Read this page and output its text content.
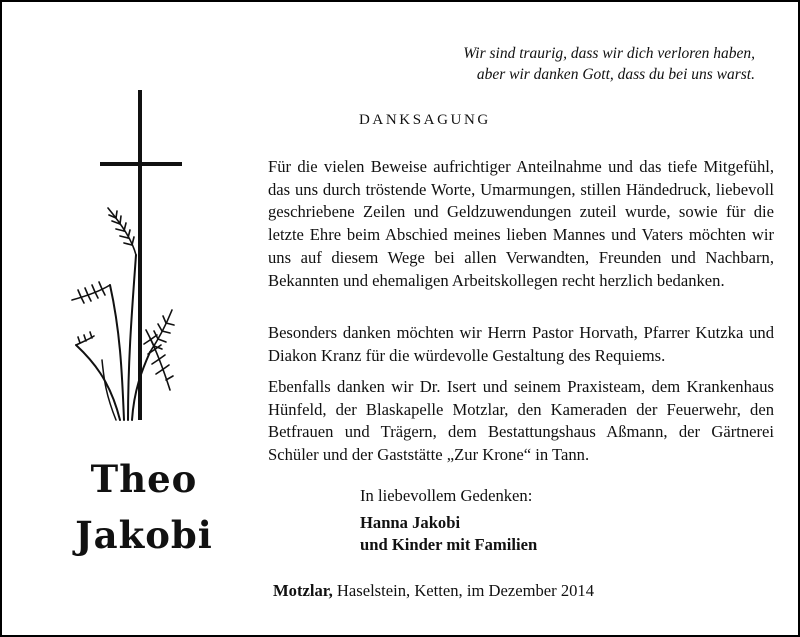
Wir sind traurig, dass wir dich verloren haben,
aber wir danken Gott, dass du bei uns warst.
Theo
Jakobi
DANKSAGUNG

Für die vielen Beweise aufrichtiger Anteilnahme und das tiefe Mitgefühl, das uns durch tröstende Worte, Umarmungen, stillen Händedruck, liebevoll geschriebene Zeilen und Geldzuwendungen zuteil wurde, sowie für die letzte Ehre beim Abschied meines lieben Mannes und Vaters möchten wir uns auf diesem Wege bei allen Verwandten, Freunden und Nachbarn, Bekannten und ehemaligen Arbeitskollegen recht herzlich bedanken.

Besonders danken möchten wir Herrn Pastor Horvath, Pfarrer Kutzka und Diakon Kranz für die würdevolle Gestaltung des Requiems.

Ebenfalls danken wir Dr. Isert und seinem Praxisteam, dem Krankenhaus Hünfeld, der Blaskapelle Motzlar, den Kameraden der Feuerwehr, den Betfrauen und Trägern, dem Bestattungshaus Aßmann, der Gärtnerei Schüler und der Gaststätte „Zur Krone“ in Tann.

In liebevollem Gedenken:
Hanna Jakobi
und Kinder mit Familien
Motzlar, Haselstein, Ketten, im Dezember 2014
